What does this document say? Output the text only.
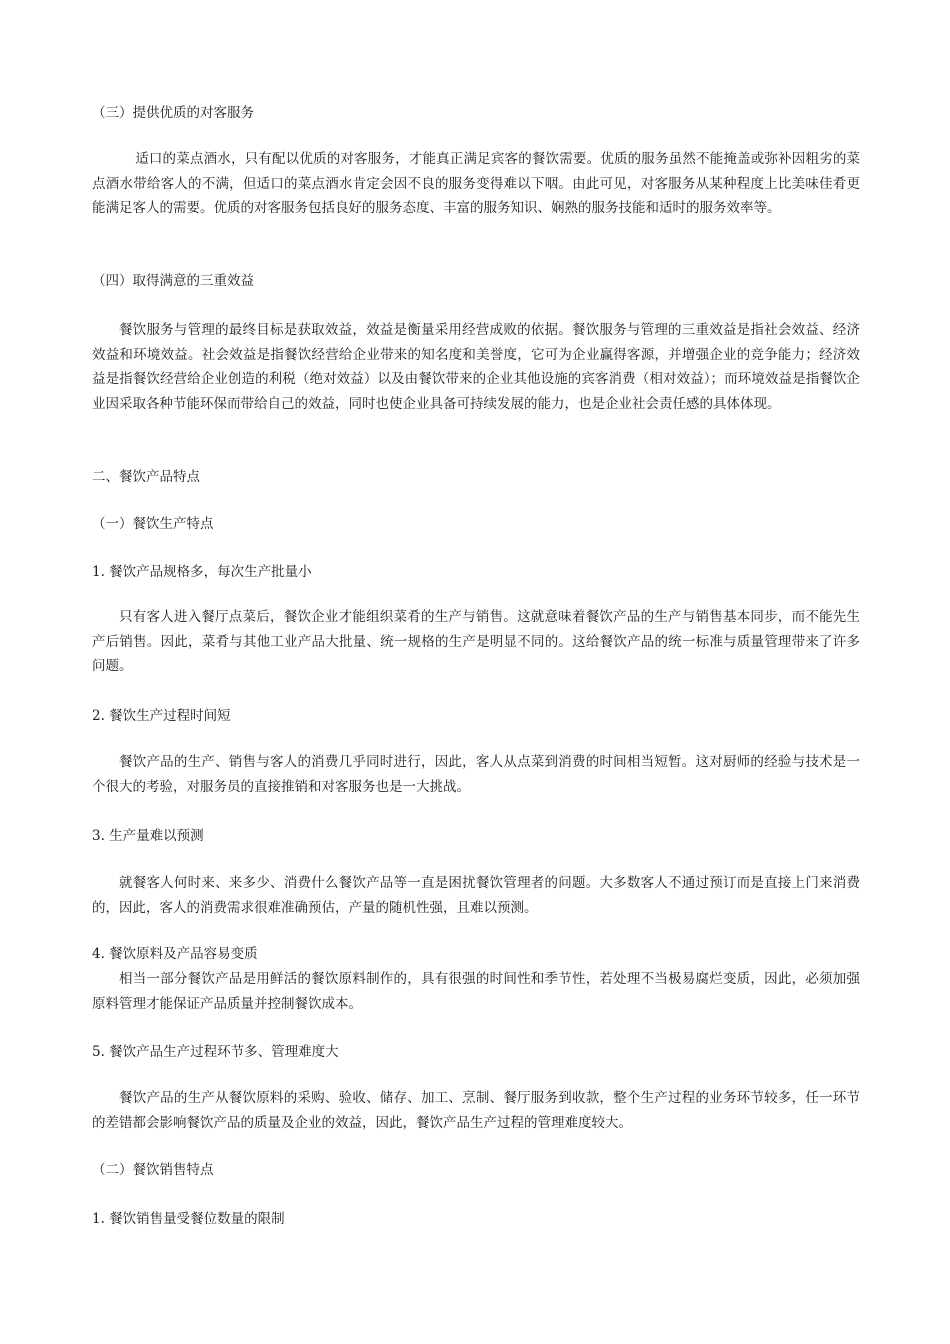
（三）提供优质的对客服务

适口的菜点酒水，只有配以优质的对客服务，才能真正满足宾客的餐饮需要。优质的服务虽然不能掩盖或弥补因粗劣的菜点酒水带给客人的不满，但适口的菜点酒水肯定会因不良的服务变得难以下咽。由此可见，对客服务从某种程度上比美味佳肴更能满足客人的需要。优质的对客服务包括良好的服务态度、丰富的服务知识、娴熟的服务技能和适时的服务效率等。

（四）取得满意的三重效益

餐饮服务与管理的最终目标是获取效益，效益是衡量采用经营成败的依据。餐饮服务与管理的三重效益是指社会效益、经济效益和环境效益。社会效益是指餐饮经营给企业带来的知名度和美誉度，它可为企业赢得客源，并增强企业的竞争能力；经济效益是指餐饮经营给企业创造的利税（绝对效益）以及由餐饮带来的企业其他设施的宾客消费（相对效益）；而环境效益是指餐饮企业因采取各种节能环保而带给自己的效益，同时也使企业具备可持续发展的能力，也是企业社会责任感的具体体现。

二、餐饮产品特点

（一）餐饮生产特点

1. 餐饮产品规格多，每次生产批量小

只有客人进入餐厅点菜后，餐饮企业才能组织菜肴的生产与销售。这就意味着餐饮产品的生产与销售基本同步，而不能先生产后销售。因此，菜肴与其他工业产品大批量、统一规格的生产是明显不同的。这给餐饮产品的统一标准与质量管理带来了许多问题。

2. 餐饮生产过程时间短

餐饮产品的生产、销售与客人的消费几乎同时进行，因此，客人从点菜到消费的时间相当短暂。这对厨师的经验与技术是一个很大的考验，对服务员的直接推销和对客服务也是一大挑战。

3. 生产量难以预测

就餐客人何时来、来多少、消费什么餐饮产品等一直是困扰餐饮管理者的问题。大多数客人不通过预订而是直接上门来消费的，因此，客人的消费需求很难准确预估，产量的随机性强，且难以预测。

4. 餐饮原料及产品容易变质

相当一部分餐饮产品是用鲜活的餐饮原料制作的，具有很强的时间性和季节性，若处理不当极易腐烂变质，因此，必须加强原料管理才能保证产品质量并控制餐饮成本。

5. 餐饮产品生产过程环节多、管理难度大

餐饮产品的生产从餐饮原料的采购、验收、储存、加工、烹制、餐厅服务到收款，整个生产过程的业务环节较多，任一环节的差错都会影响餐饮产品的质量及企业的效益，因此，餐饮产品生产过程的管理难度较大。

（二）餐饮销售特点

1. 餐饮销售量受餐位数量的限制
